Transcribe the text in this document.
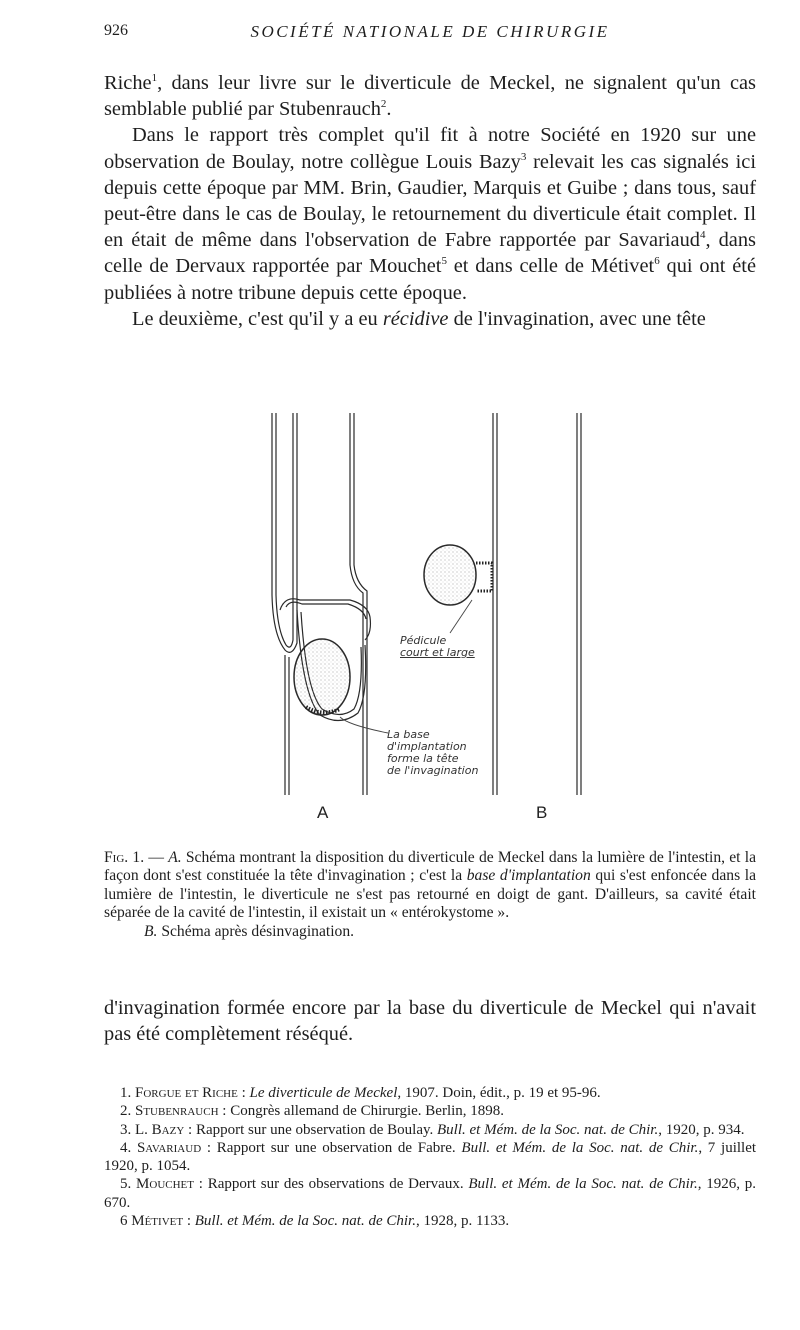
926	SOCIÉTÉ NATIONALE DE CHIRURGIE

Riche$^1$, dans leur livre sur le diverticule de Meckel, ne signalent qu'un cas semblable publié par Stubenrauch$^2$.

Dans le rapport très complet qu'il fit à notre Société en 1920 sur une observation de Boulay, notre collègue Louis Bazy$^3$ relevait les cas signalés ici depuis cette époque par MM. Brin, Gaudier, Marquis et Guibe ; dans tous, sauf peut-être dans le cas de Boulay, le retournement du diverticule était complet. Il en était de même dans l'observation de Fabre rapportée par Savariaud$^4$, dans celle de Dervaux rapportée par Mouchet$^5$ et dans celle de Métivet$^6$ qui ont été publiées à notre tribune depuis cette époque.

Le deuxième, c'est qu'il y a eu récidive de l'invagination, avec une tête

Pédicule
court et large
La base
d'implantation
forme la tête
de l'invagination
A	B

Fig. 1. — A. Schéma montrant la disposition du diverticule de Meckel dans la lumière de l'intestin, et la façon dont s'est constituée la tête d'invagination ; c'est la base d'implantation qui s'est enfoncée dans la lumière de l'intestin, le diverticule ne s'est pas retourné en doigt de gant. D'ailleurs, sa cavité était séparée de la cavité de l'intestin, il existait un « entérokystome ».

B. Schéma après désinvagination.

d'invagination formée encore par la base du diverticule de Meckel qui n'avait pas été complètement réséqué.

1. Forgue et Riche : Le diverticule de Meckel, 1907. Doin, édit., p. 19 et 95-96.

2. Stubenrauch : Congrès allemand de Chirurgie. Berlin, 1898.

3. L. Bazy : Rapport sur une observation de Boulay. Bull. et Mém. de la Soc. nat. de Chir., 1920, p. 934.

4. Savariaud : Rapport sur une observation de Fabre. Bull. et Mém. de la Soc. nat. de Chir., 7 juillet 1920, p. 1054.

5. Mouchet : Rapport sur des observations de Dervaux. Bull. et Mém. de la Soc. nat. de Chir., 1926, p. 670.

6 Métivet : Bull. et Mém. de la Soc. nat. de Chir., 1928, p. 1133.
